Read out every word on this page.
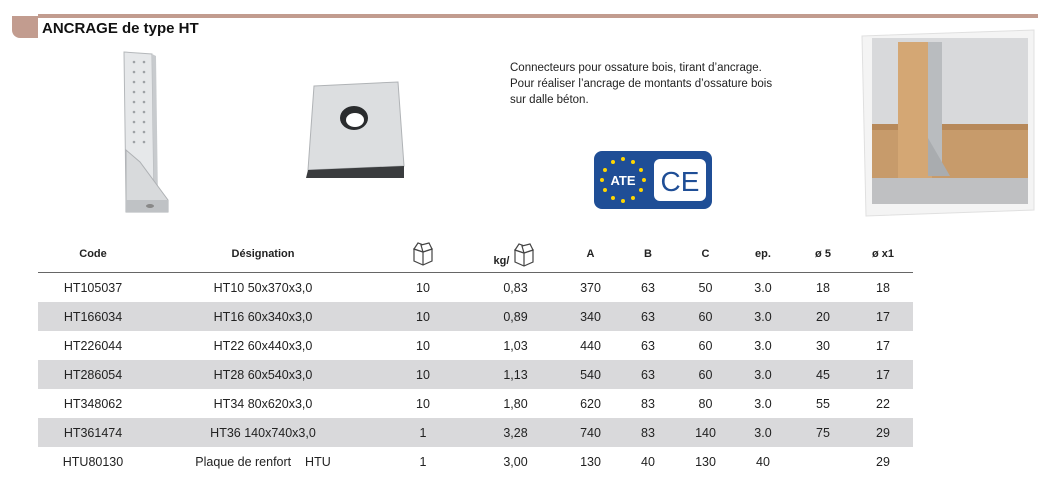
ANCRAGE de type HT
Connecteurs pour ossature bois, tirant d’ancrage.
Pour réaliser l’ancrage de montants d’ossature bois
sur dalle béton.
ATE CE
Code	Désignation		kg/	A	B	C	ep.	ø 5	ø x1
HT105037	HT10 50x370x3,0	10	0,83	370	63	50	3.0	18	18
HT166034	HT16 60x340x3,0	10	0,89	340	63	60	3.0	20	17
HT226044	HT22 60x440x3,0	10	1,03	440	63	60	3.0	30	17
HT286054	HT28 60x540x3,0	10	1,13	540	63	60	3.0	45	17
HT348062	HT34 80x620x3,0	10	1,80	620	83	80	3.0	55	22
HT361474	HT36 140x740x3,0	1	3,28	740	83	140	3.0	75	29
HTU80130	Plaque de renfort    HTU	1	3,00	130	40	130	40		29
